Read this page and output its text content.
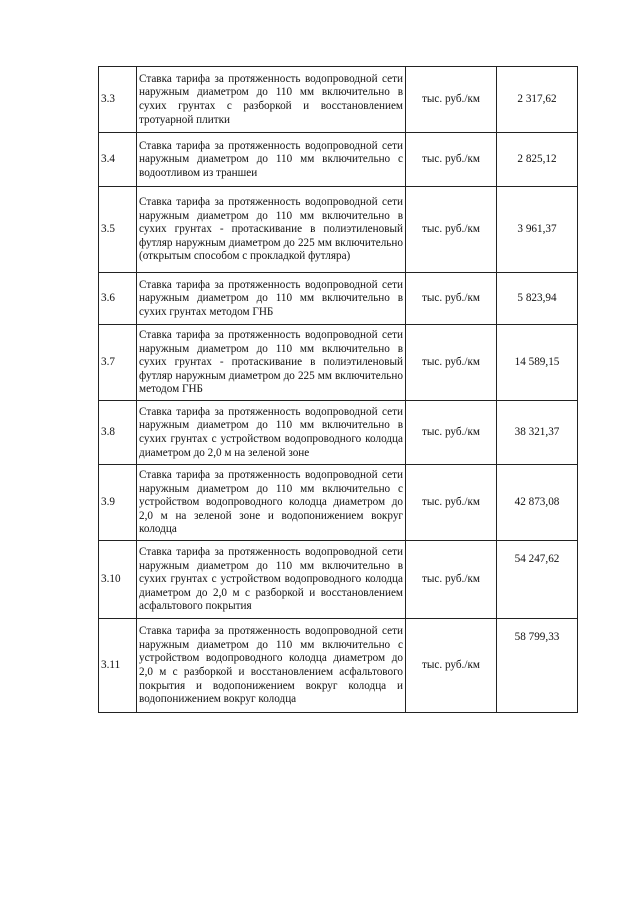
3.3	Ставка тарифа за протяженность водопроводной сети наружным диаметром до 110 мм включительно в сухих грунтах с разборкой и восстановлением тротуарной плитки	тыс. руб./км	2 317,62
3.4	Ставка тарифа за протяженность водопроводной сети наружным диаметром до 110 мм включительно с водоотливом из траншеи	тыс. руб./км	2 825,12
3.5	Ставка тарифа за протяженность водопроводной сети наружным диаметром до 110 мм включительно в сухих грунтах - протаскивание в полиэтиленовый футляр наружным диаметром до 225 мм включительно (открытым способом с прокладкой футляра)	тыс. руб./км	3 961,37
3.6	Ставка тарифа за протяженность водопроводной сети наружным диаметром до 110 мм включительно в сухих грунтах методом ГНБ	тыс. руб./км	5 823,94
3.7	Ставка тарифа за протяженность водопроводной сети наружным диаметром до 110 мм включительно в сухих грунтах - протаскивание в полиэтиленовый футляр наружным диаметром до 225 мм включительно методом ГНБ	тыс. руб./км	14 589,15
3.8	Ставка тарифа за протяженность водопроводной сети наружным диаметром до 110 мм включительно в сухих грунтах с устройством водопроводного колодца диаметром до 2,0 м на зеленой зоне	тыс. руб./км	38 321,37
3.9	Ставка тарифа за протяженность водопроводной сети наружным диаметром до 110 мм включительно с устройством водопроводного колодца диаметром до 2,0 м на зеленой зоне и водопонижением вокруг колодца	тыс. руб./км	42 873,08
3.10	Ставка тарифа за протяженность водопроводной сети наружным диаметром до 110 мм включительно в сухих грунтах с устройством водопроводного колодца диаметром до 2,0 м с разборкой и восстановлением асфальтового покрытия	тыс. руб./км	54 247,62
3.11	Ставка тарифа за протяженность водопроводной сети наружным диаметром до 110 мм включительно с устройством водопроводного колодца диаметром до 2,0 м с разборкой и восстановлением асфальтового покрытия и водопонижением вокруг колодца и водопонижением вокруг колодца	тыс. руб./км	58 799,33
